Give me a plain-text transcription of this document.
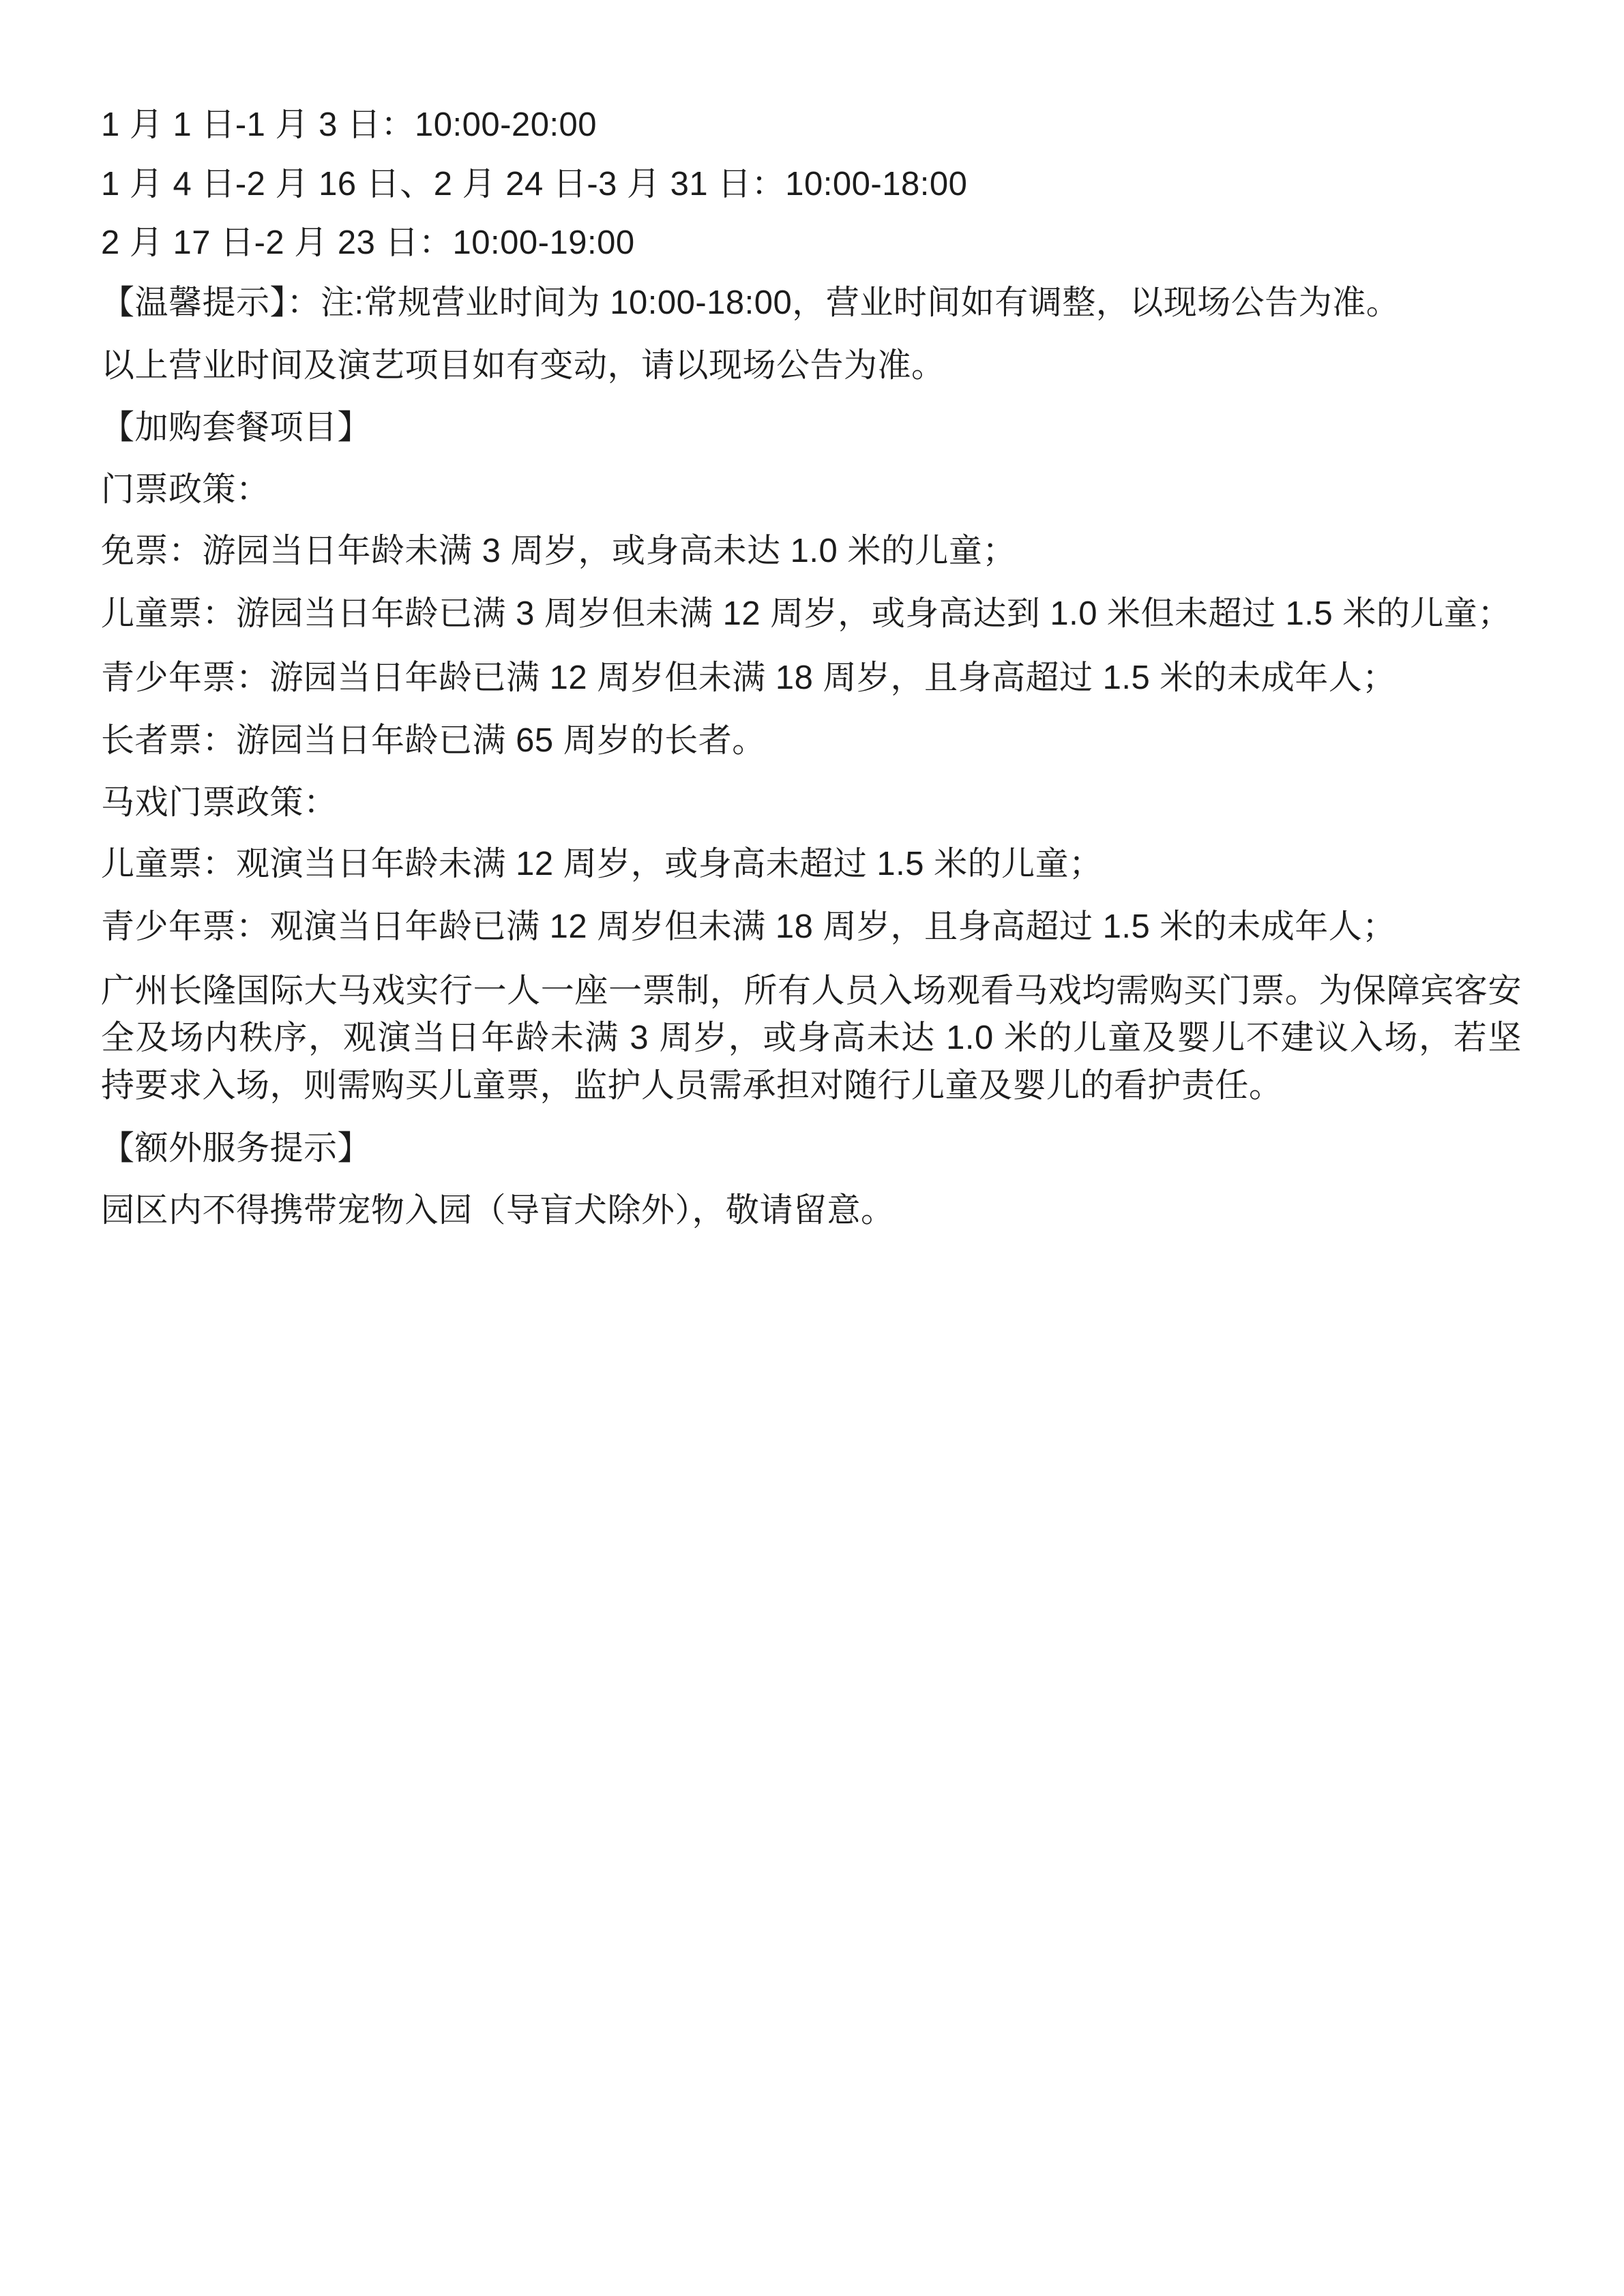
1 月 1 日-1 月 3 日：10:00-20:00

1 月 4 日-2 月 16 日、2 月 24 日-3 月 31 日：10:00-18:00

2 月 17 日-2 月 23 日：10:00-19:00

【温馨提示】：注:常规营业时间为 10:00-18:00，营业时间如有调整，以现场公告为准。

以上营业时间及演艺项目如有变动，请以现场公告为准。

【加购套餐项目】

门票政策：

免票：游园当日年龄未满 3 周岁，或身高未达 1.0 米的儿童；

儿童票：游园当日年龄已满 3 周岁但未满 12 周岁，或身高达到 1.0 米但未超过 1.5 米的儿童；

青少年票：游园当日年龄已满 12 周岁但未满 18 周岁，且身高超过 1.5 米的未成年人；

长者票：游园当日年龄已满 65 周岁的长者。

马戏门票政策：

儿童票：观演当日年龄未满 12 周岁，或身高未超过 1.5 米的儿童；

青少年票：观演当日年龄已满 12 周岁但未满 18 周岁，且身高超过 1.5 米的未成年人；

广州长隆国际大马戏实行一人一座一票制，所有人员入场观看马戏均需购买门票。为保障宾客安全及场内秩序，观演当日年龄未满 3 周岁，或身高未达 1.0 米的儿童及婴儿不建议入场，若坚持要求入场，则需购买儿童票，监护人员需承担对随行儿童及婴儿的看护责任。

【额外服务提示】

园区内不得携带宠物入园（导盲犬除外），敬请留意。
